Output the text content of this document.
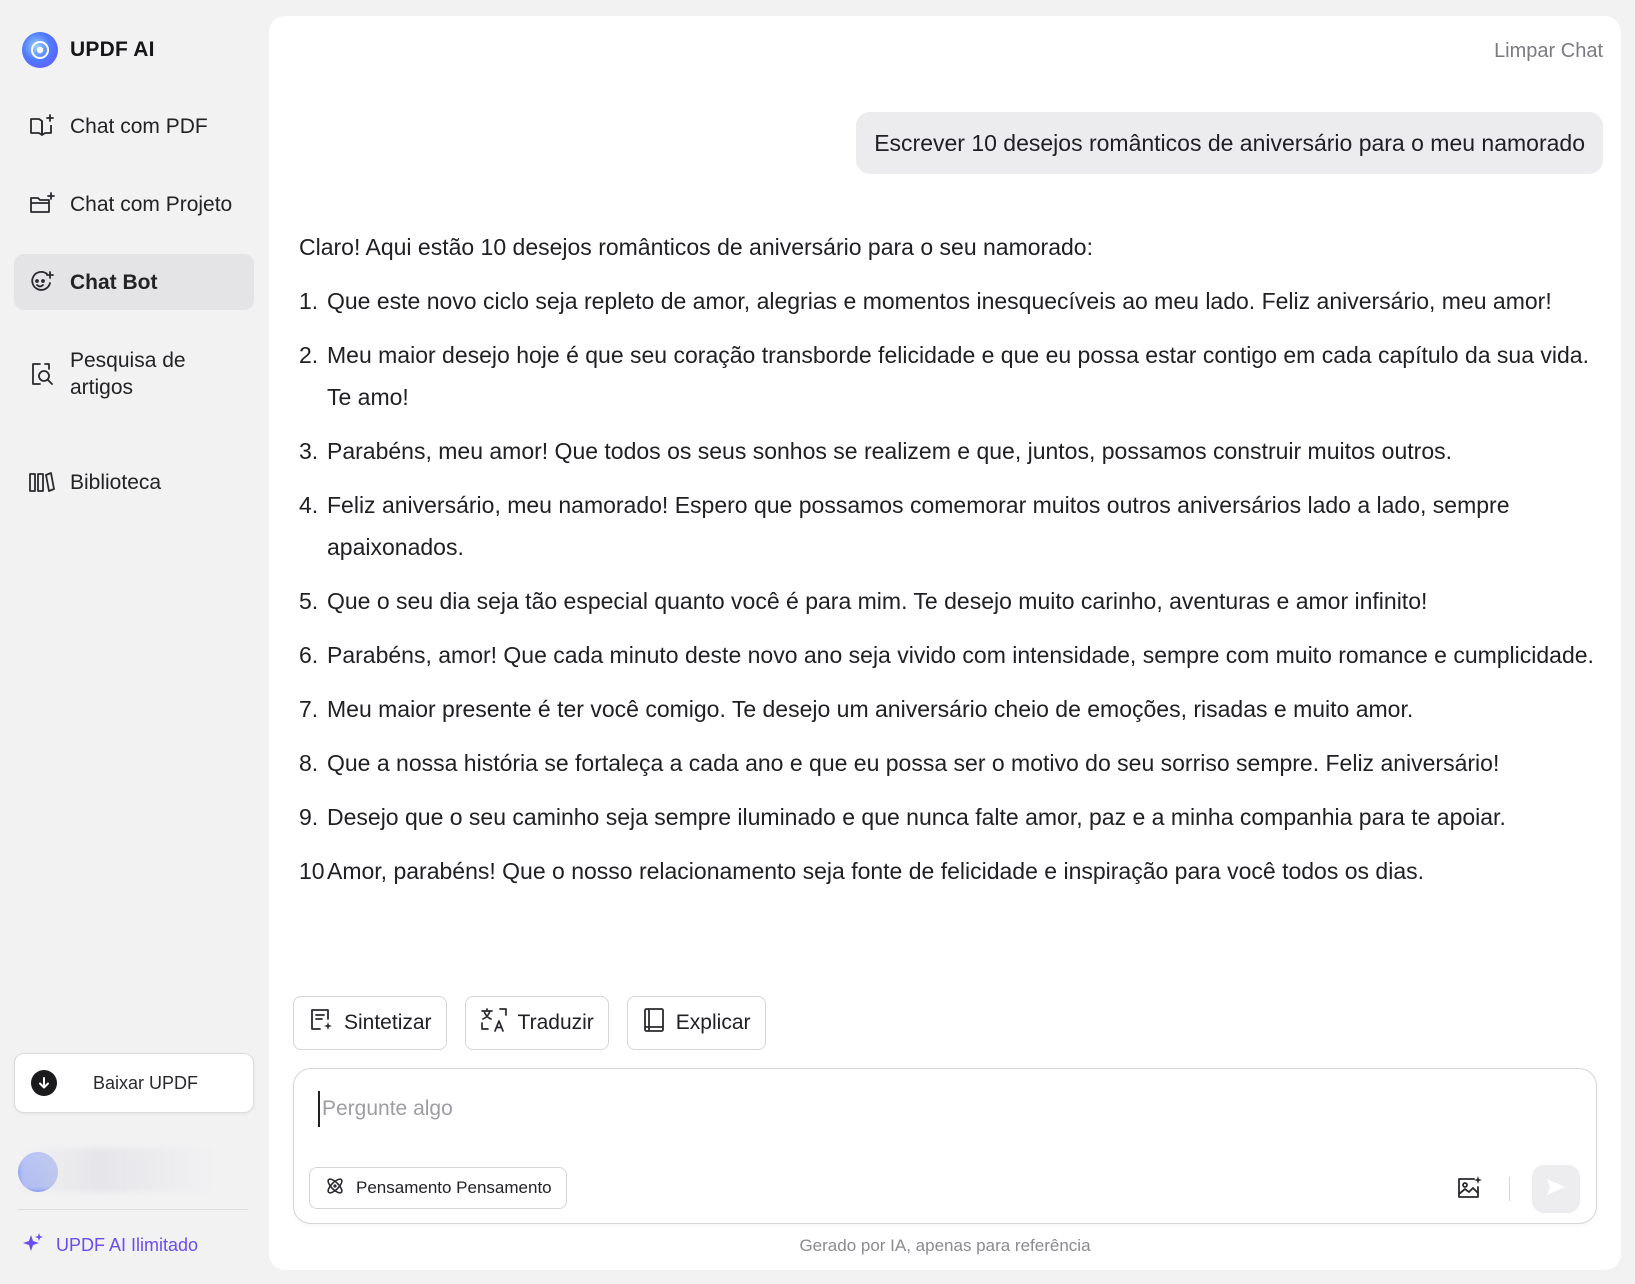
UPDF AI
Chat com PDF
Chat com Projeto
Chat Bot
Pesquisa de artigos
Biblioteca
Baixar UPDF
UPDF AI Ilimitado
Limpar Chat
Escrever 10 desejos românticos de aniversário para o meu namorado

Claro! Aqui estão 10 desejos românticos de aniversário para o seu namorado:

1. Que este novo ciclo seja repleto de amor, alegrias e momentos inesquecíveis ao meu lado. Feliz aniversário, meu amor!
2. Meu maior desejo hoje é que seu coração transborde felicidade e que eu possa estar contigo em cada capítulo da sua vida. Te amo!
3. Parabéns, meu amor! Que todos os seus sonhos se realizem e que, juntos, possamos construir muitos outros.
4. Feliz aniversário, meu namorado! Espero que possamos comemorar muitos outros aniversários lado a lado, sempre apaixonados.
5. Que o seu dia seja tão especial quanto você é para mim. Te desejo muito carinho, aventuras e amor infinito!
6. Parabéns, amor! Que cada minuto deste novo ano seja vivido com intensidade, sempre com muito romance e cumplicidade.
7. Meu maior presente é ter você comigo. Te desejo um aniversário cheio de emoções, risadas e muito amor.
8. Que a nossa história se fortaleça a cada ano e que eu possa ser o motivo do seu sorriso sempre. Feliz aniversário!
9. Desejo que o seu caminho seja sempre iluminado e que nunca falte amor, paz e a minha companhia para te apoiar.
10 Amor, parabéns! Que o nosso relacionamento seja fonte de felicidade e inspiração para você todos os dias.
Sintetizar	Traduzir	Explicar
Pergunte algo
Pensamento Pensamento
Gerado por IA, apenas para referência
